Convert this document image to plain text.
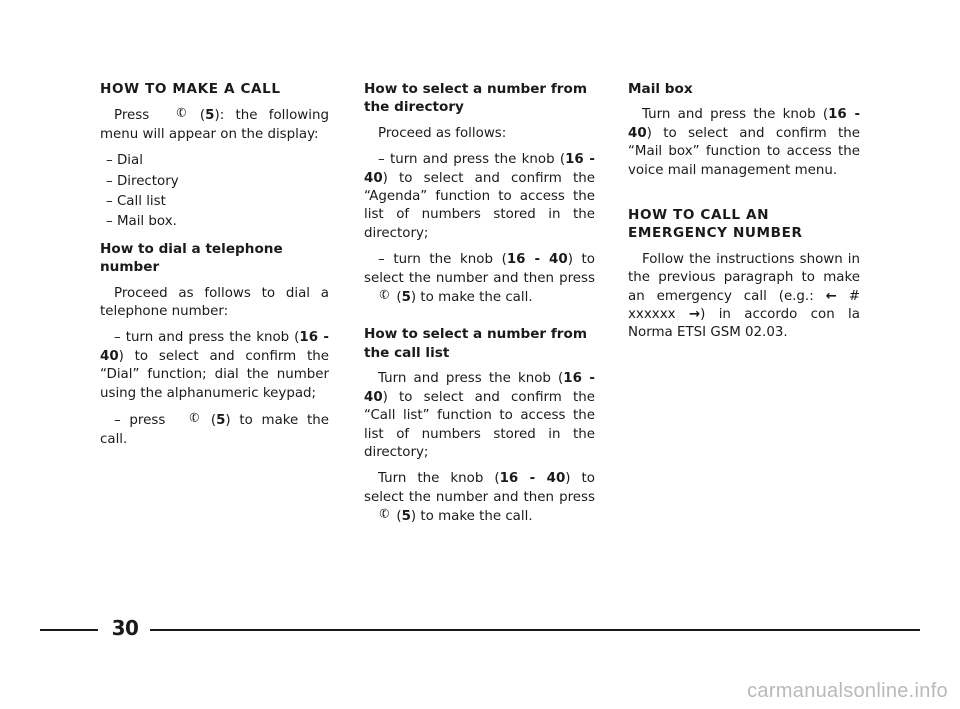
HOW TO MAKE A CALL

Press ✆ (5): the following menu will appear on the display:

– Dial
– Directory
– Call list
– Mail box.
How to dial a telephone number

Proceed as follows to dial a telephone number:

– turn and press the knob (16 - 40) to select and confirm the “Dial” function; dial the number using the alphanumeric keypad;

– press ✆ (5) to make the call.

How to select a number from the directory

Proceed as follows:

– turn and press the knob (16 - 40) to select and confirm the “Agenda” function to access the list of numbers stored in the directory;

– turn the knob (16 - 40) to select the number and then press ✆ (5) to make the call.

How to select a number from the call list

Turn and press the knob (16 - 40) to select and confirm the “Call list” function to access the list of numbers stored in the directory;

Turn the knob (16 - 40) to select the number and then press ✆ (5) to make the call.

Mail box

Turn and press the knob (16 - 40) to select and confirm the “Mail box” function to access the voice mail management menu.

HOW TO CALL AN EMERGENCY NUMBER

Follow the instructions shown in the previous paragraph to make an emergency call (e.g.: ← # xxxxxx →) in accordo con la Norma ETSI GSM 02.03.

30
carmanualsonline.info
